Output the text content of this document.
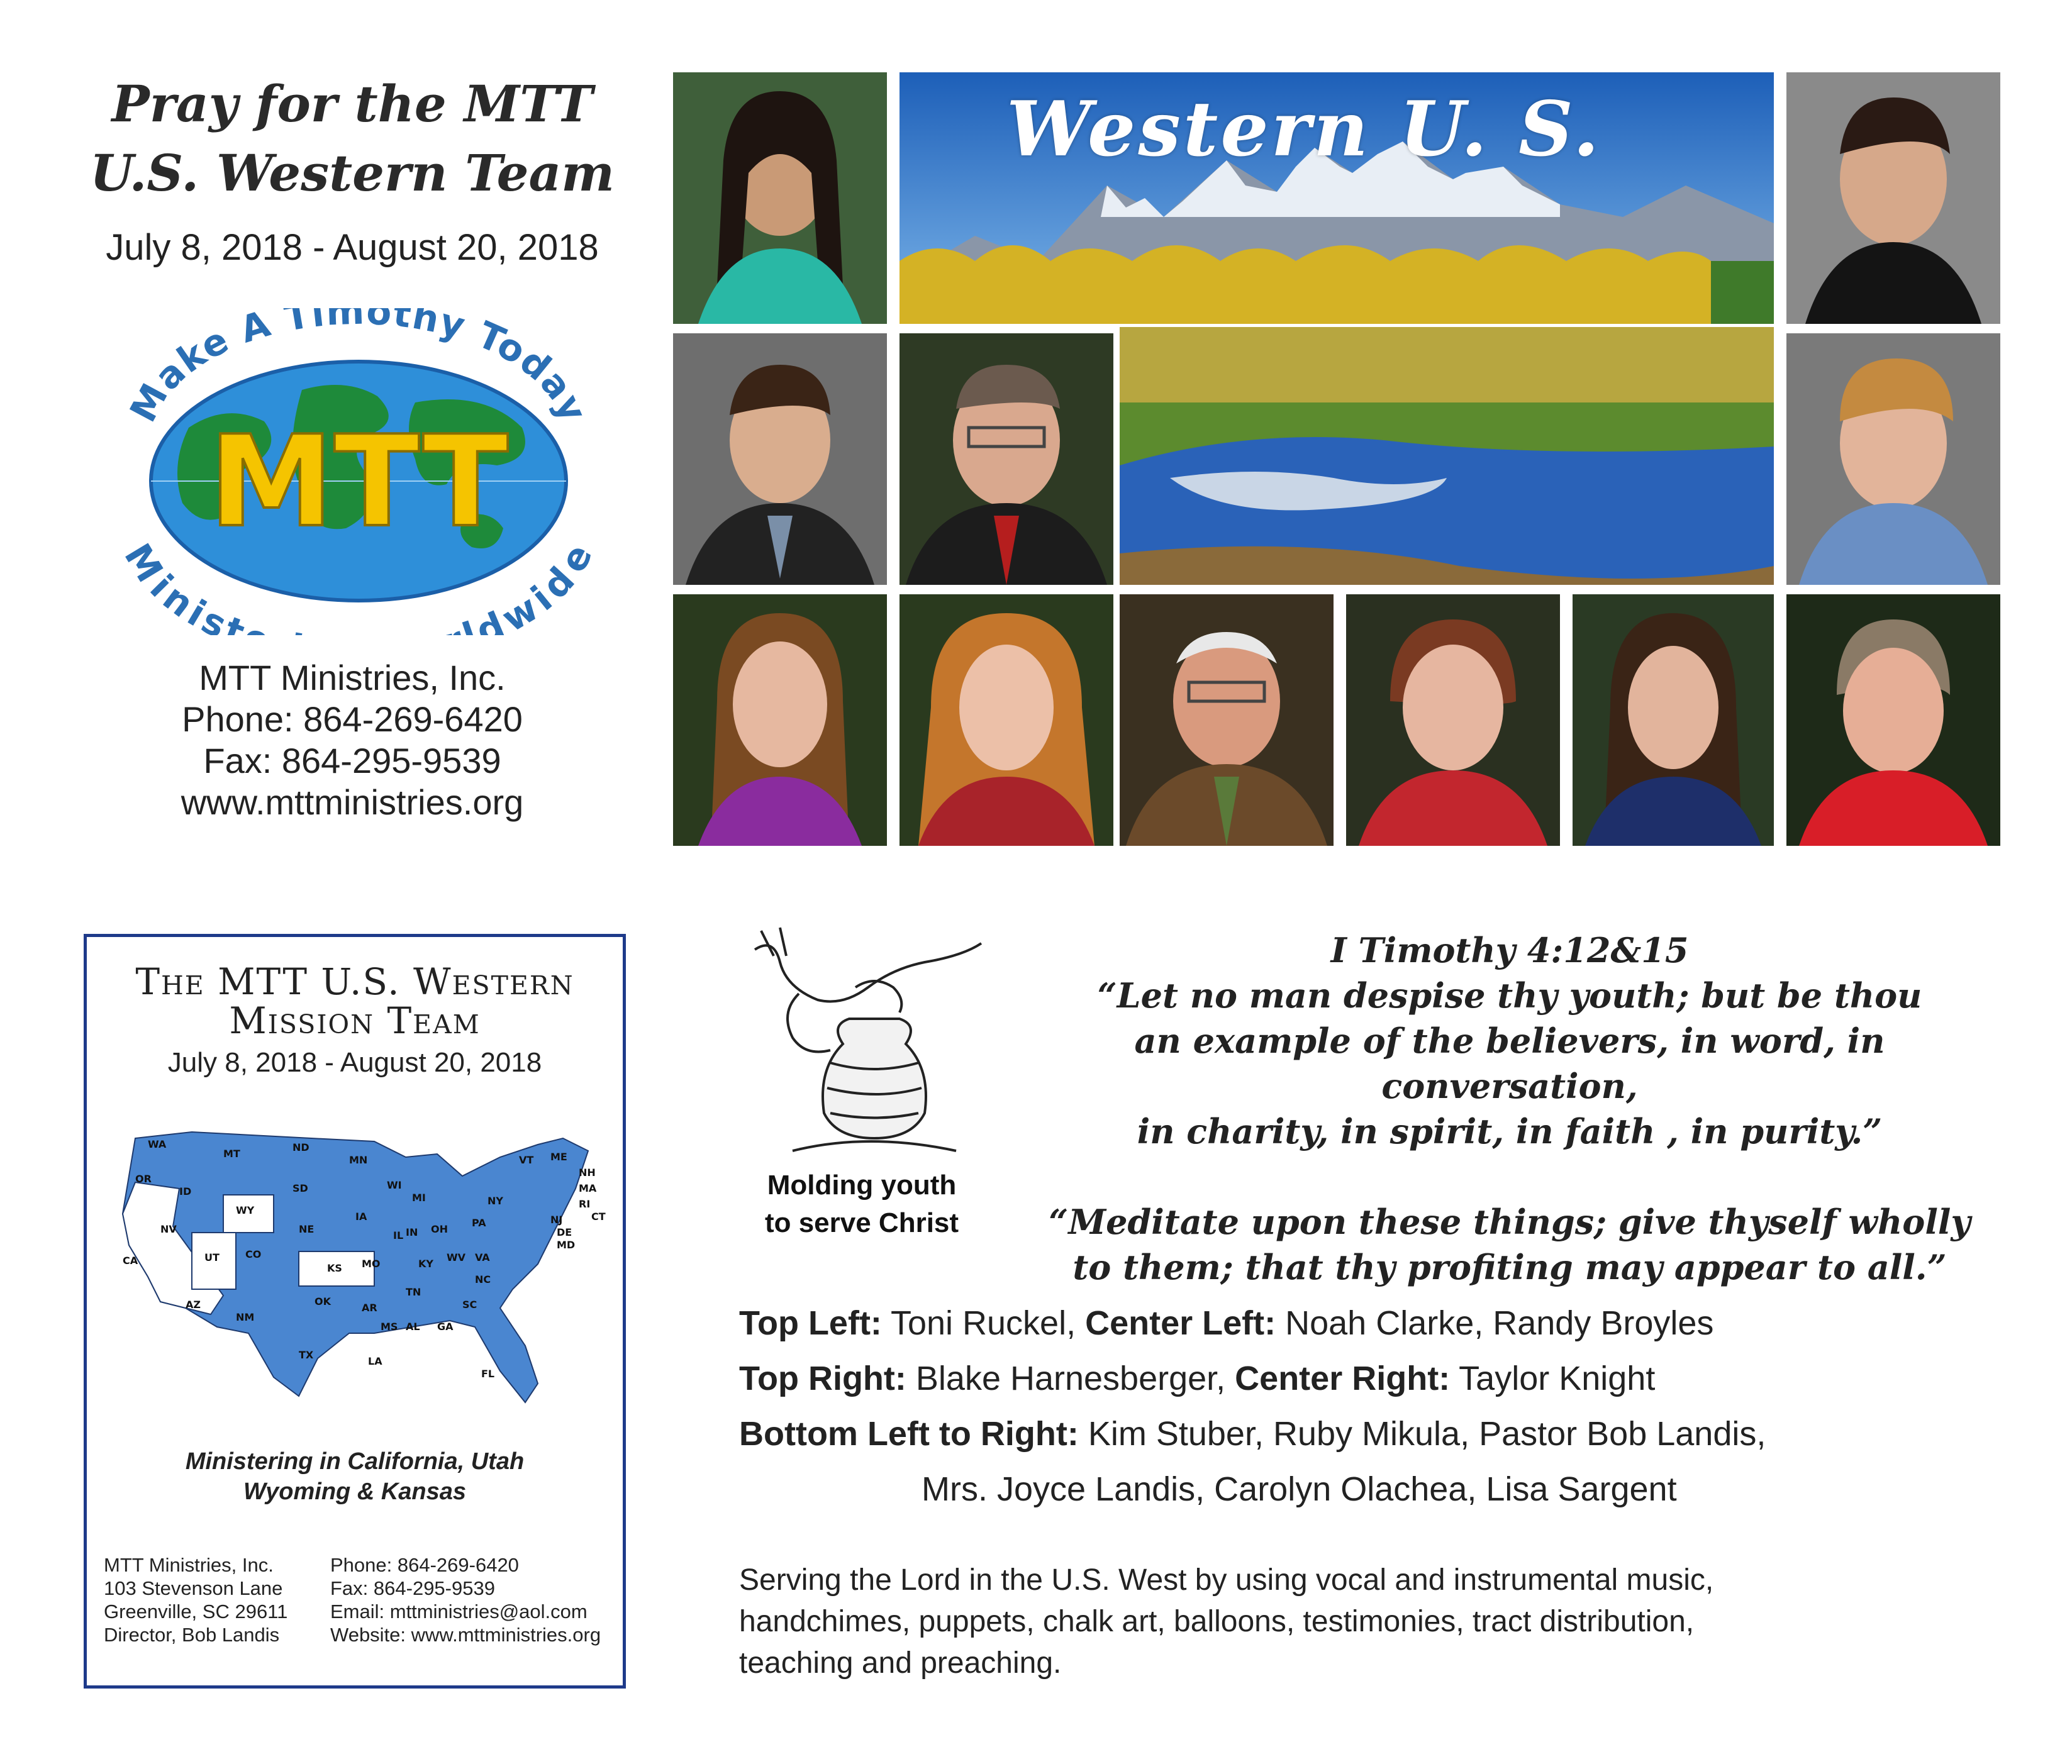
Pray for the MTT
U.S. Western Team
July 8, 2018 - August 20, 2018
MTT
Make A Timothy Today
Minist dwide
MTT Ministries, Inc.
Phone: 864-269-6420
Fax: 864-295-9539
www.mttministries.org
Western U. S.
The MTT U.S. Western
Mission Team
July 8, 2018 - August 20, 2018
WA
OR
CA
ID
NV
MT
WY
UT
AZ
CO
NM
ND
SD
NE
KS
OK
TX
MN
IA
MO
AR
LA
WI
IL
MI
IN OH
KY
TN
MS AL GA
FL
SC
NC
VA
WV
PA
NY
VT ME
NH
MA
RI
CT
NJ
DE
MD
Ministering in California, Utah
Wyoming & Kansas
MTT Ministries, Inc.
103 Stevenson Lane
Greenville, SC 29611
Director, Bob Landis
Phone: 864-269-6420
Fax: 864-295-9539
Email: mttministries@aol.com
Website: www.mttministries.org
Molding youth
to serve Christ
I Timothy 4:12&15
“Let no man despise thy youth; but be thou
an example of the believers, in word, in conversation,
in charity, in spirit, in faith , in purity.”
“Meditate upon these things; give thyself wholly
to them; that thy profiting may appear to all.”
Top Left: Toni Ruckel, Center Left: Noah Clarke, Randy Broyles
Top Right: Blake Harnesberger, Center Right: Taylor Knight
Bottom Left to Right: Kim Stuber, Ruby Mikula, Pastor Bob Landis,
Mrs. Joyce Landis, Carolyn Olachea, Lisa Sargent
Serving the Lord in the U.S. West by using vocal and instrumental music,
handchimes, puppets, chalk art, balloons, testimonies, tract distribution,
teaching and preaching.
